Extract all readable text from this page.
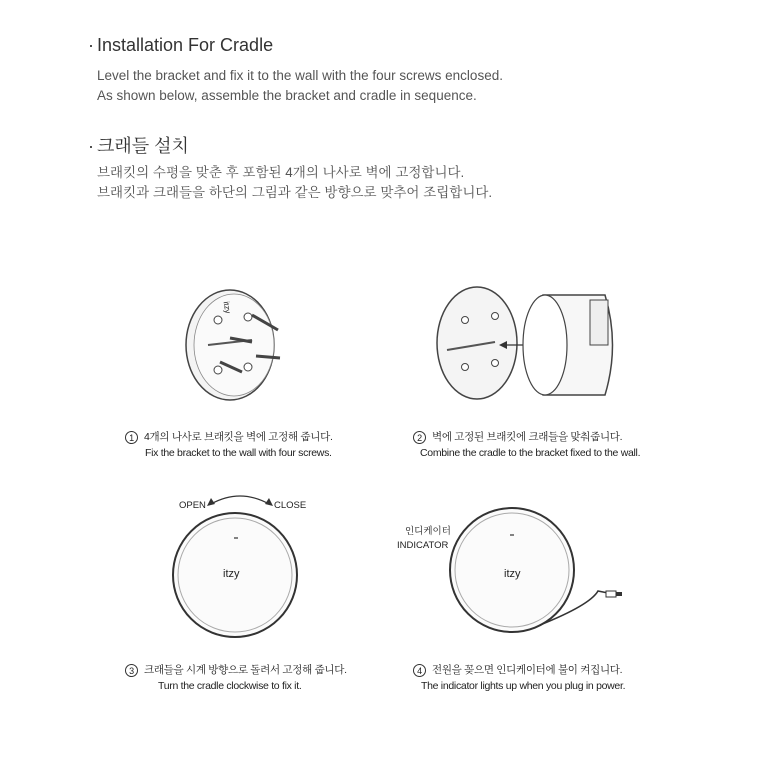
· Installation For Cradle
Level the bracket and fix it to the wall with the four screws enclosed.
As shown below, assemble the bracket and cradle in sequence.
· 크래들 설치
브래킷의 수평을 맞춘 후 포함된 4개의 나사로 벽에 고정합니다.
브래킷과 크래들을 하단의 그림과 같은 방향으로 맞추어 조립합니다.
itzy
OPEN	CLOSE
itzy
인디케이터
INDICATOR
itzy
1 4개의 나사로 브래킷을 벽에 고정해 줍니다.
Fix the bracket to the wall with four screws.
2 벽에 고정된 브래킷에 크래들을 맞춰줍니다.
Combine the cradle to the bracket fixed to the wall.
3 크래들을 시계 방향으로 돌려서 고정해 줍니다.
Turn the cradle clockwise to fix it.
4 전원을 꽂으면 인디케이터에 불이 켜집니다.
The indicator lights up when you plug in power.
